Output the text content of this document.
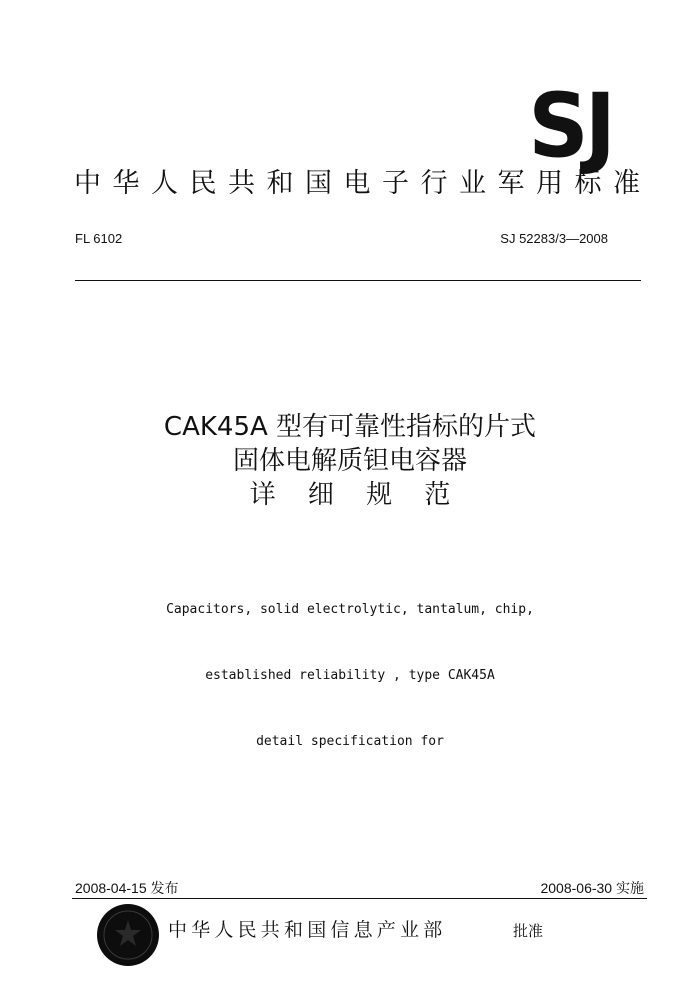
SJ
中华人民共和国电子行业军用标准
FL 6102	SJ 52283/3—2008
CAK45A 型有可靠性指标的片式
固体电解质钽电容器
详 细 规 范

Capacitors, solid electrolytic, tantalum, chip,

established reliability , type CAK45A

detail specification for

2008-04-15 发布	2008-06-30 实施
中华人民共和国信息产业部	批准
